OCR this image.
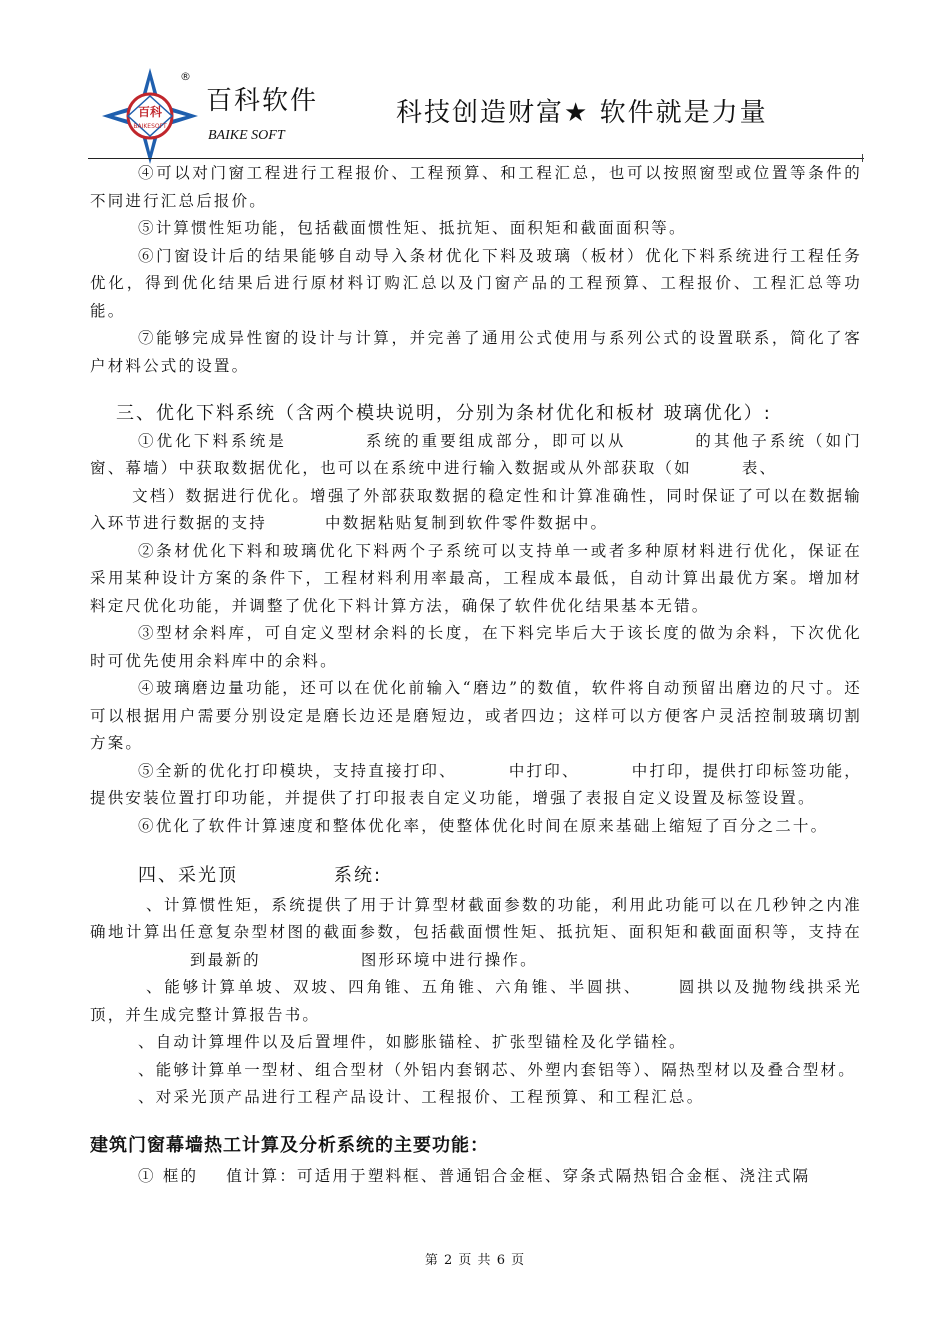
百科
BAIKESOFT
®
百科软件
BAIKE SOFT
科技创造财富★ 软件就是力量

④可以对门窗工程进行工程报价、工程预算、和工程汇总，也可以按照窗型或位置等条件的不同进行汇总后报价。

⑤计算惯性矩功能，包括截面惯性矩、抵抗矩、面积矩和截面面积等。

⑥门窗设计后的结果能够自动导入条材优化下料及玻璃（板材）优化下料系统进行工程任务优化，得到优化结果后进行原材料订购汇总以及门窗产品的工程预算、工程报价、工程汇总等功能。

⑦能够完成异性窗的设计与计算，并完善了通用公式使用与系列公式的设置联系，简化了客户材料公式的设置。

三、优化下料系统（含两个模块说明，分别为条材优化和板材 玻璃优化）:

①优化下料系统是	系统的重要组成部分，即可以从	的其他子系统（如门窗、幕墙）中获取数据优化，也可以在系统中进行输入数据或从外部获取（如	表、
文档）数据进行优化。增强了外部获取数据的稳定性和计算准确性，同时保证了可以在数据输入环节进行数据的支持	中数据粘贴复制到软件零件数据中。

②条材优化下料和玻璃优化下料两个子系统可以支持单一或者多种原材料进行优化，保证在采用某种设计方案的条件下，工程材料利用率最高，工程成本最低，自动计算出最优方案。增加材料定尺优化功能，并调整了优化下料计算方法，确保了软件优化结果基本无错。

③型材余料库，可自定义型材余料的长度，在下料完毕后大于该长度的做为余料，下次优化时可优先使用余料库中的余料。

④玻璃磨边量功能，还可以在优化前输入“磨边”的数值，软件将自动预留出磨边的尺寸。还可以根据用户需要分别设定是磨长边还是磨短边，或者四边；这样可以方便客户灵活控制玻璃切割方案。

⑤全新的优化打印模块，支持直接打印、	中打印、	中打印，提供打印标签功能，提供安装位置打印功能，并提供了打印报表自定义功能，增强了表报自定义设置及标签设置。

⑥优化了软件计算速度和整体优化率，使整体优化时间在原来基础上缩短了百分之二十。

四、采光顶	系统:

、计算惯性矩，系统提供了用于计算型材截面参数的功能，利用此功能可以在几秒钟之内准确地计算出任意复杂型材图的截面参数，包括截面惯性矩、抵抗矩、面积矩和截面面积等，支持在到最新的	图形环境中进行操作。

、能够计算单坡、双坡、四角锥、五角锥、六角锥、半圆拱、 圆拱以及抛物线拱采光顶，并生成完整计算报告书。

、自动计算埋件以及后置埋件，如膨胀锚栓、扩张型锚栓及化学锚栓。

、能够计算单一型材、组合型材（外铝内套钢芯、外塑内套铝等）、隔热型材以及叠合型材。

、对采光顶产品进行工程产品设计、工程报价、工程预算、和工程汇总。

建筑门窗幕墙热工计算及分析系统的主要功能：

① 框的 值计算：可适用于塑料框、普通铝合金框、穿条式隔热铝合金框、浇注式隔

第 2 页 共 6 页
